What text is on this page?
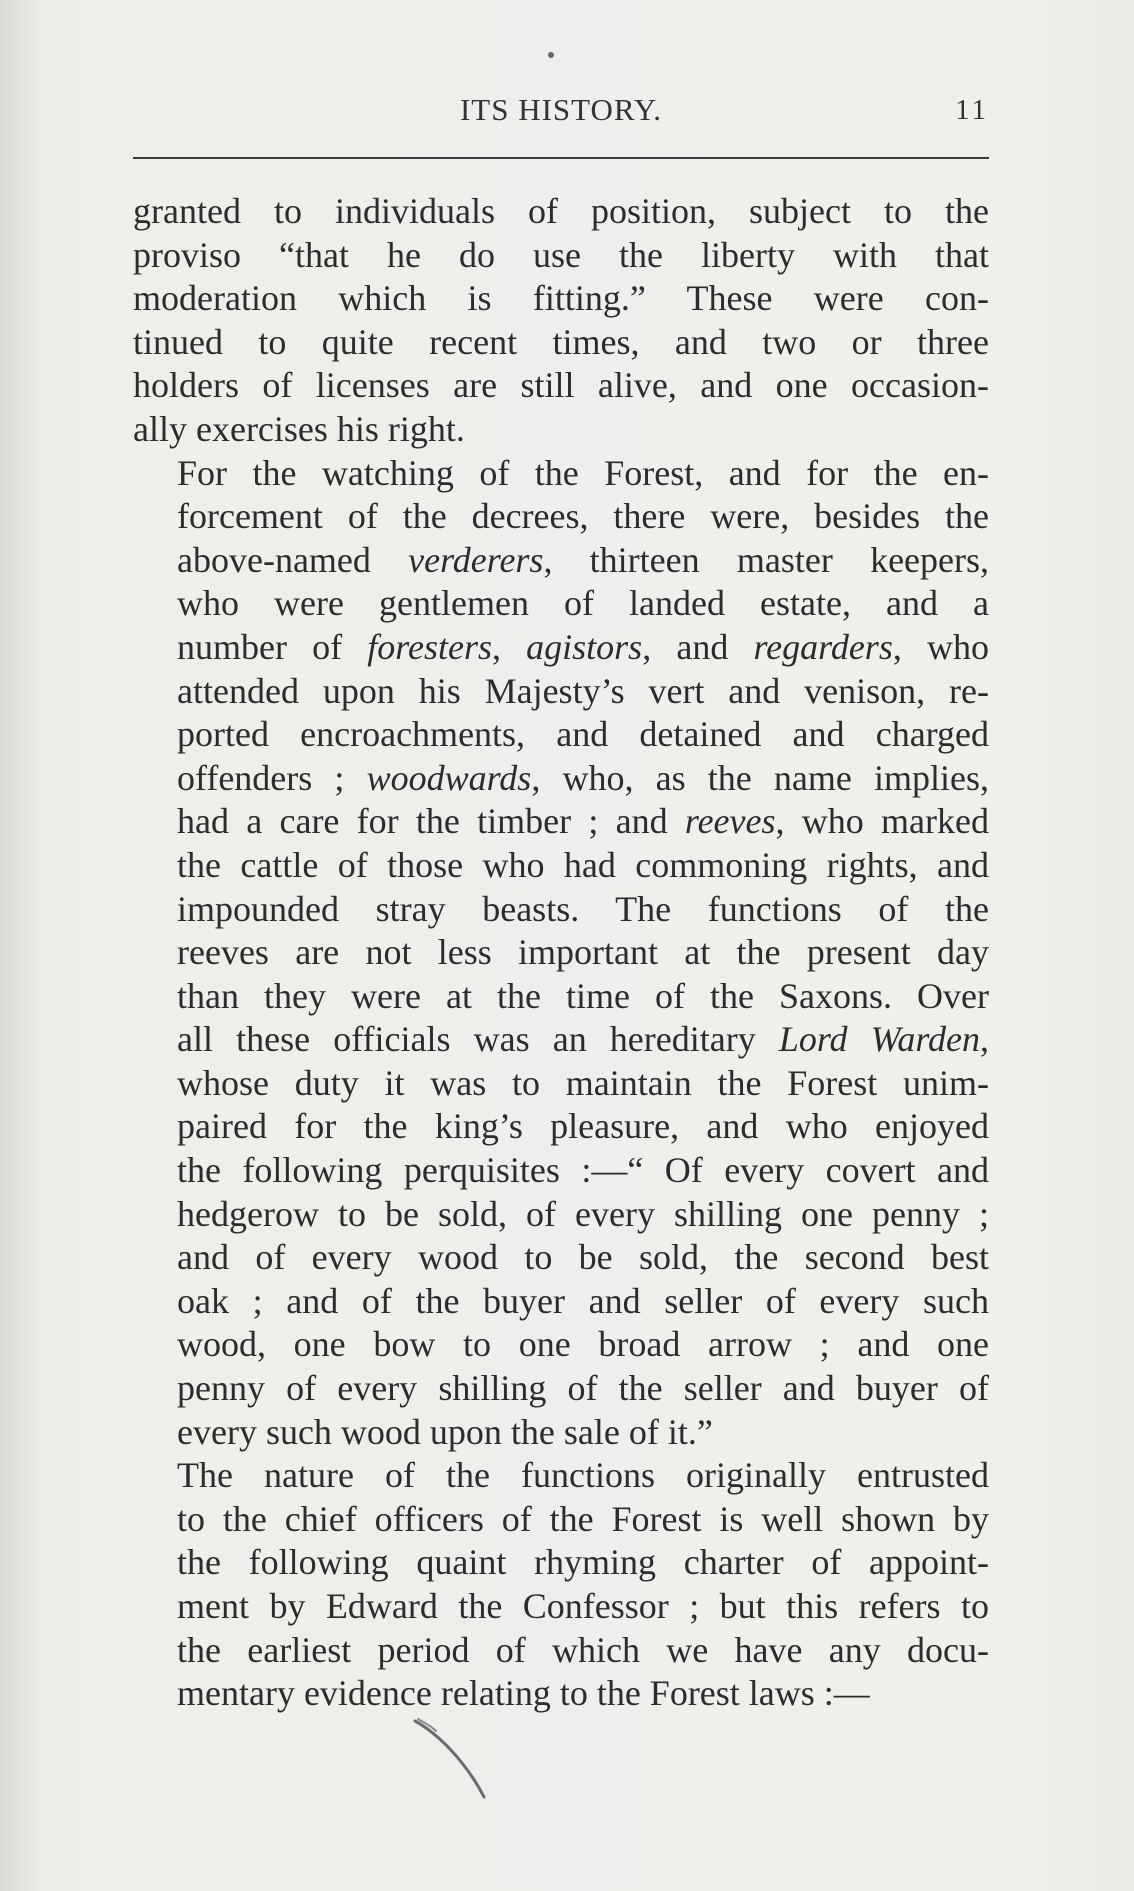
ITS HISTORY.	11
granted to individuals of position, subject to the
proviso “that he do use the liberty with that
moderation which is fitting.” These were con-
tinued to quite recent times, and two or three
holders of licenses are still alive, and one occasion-
ally exercises his right.
For the watching of the Forest, and for the en-
forcement of the decrees, there were, besides the
above-named verderers, thirteen master keepers,
who were gentlemen of landed estate, and a
number of foresters, agistors, and regarders, who
attended upon his Majesty’s vert and venison, re-
ported encroachments, and detained and charged
offenders ; woodwards, who, as the name implies,
had a care for the timber ; and reeves, who marked
the cattle of those who had commoning rights, and
impounded stray beasts. The functions of the
reeves are not less important at the present day
than they were at the time of the Saxons. Over
all these officials was an hereditary Lord Warden,
whose duty it was to maintain the Forest unim-
paired for the king’s pleasure, and who enjoyed
the following perquisites :—“ Of every covert and
hedgerow to be sold, of every shilling one penny ;
and of every wood to be sold, the second best
oak ; and of the buyer and seller of every such
wood, one bow to one broad arrow ; and one
penny of every shilling of the seller and buyer of
every such wood upon the sale of it.”
The nature of the functions originally entrusted
to the chief officers of the Forest is well shown by
the following quaint rhyming charter of appoint-
ment by Edward the Confessor ; but this refers to
the earliest period of which we have any docu-
mentary evidence relating to the Forest laws :—
